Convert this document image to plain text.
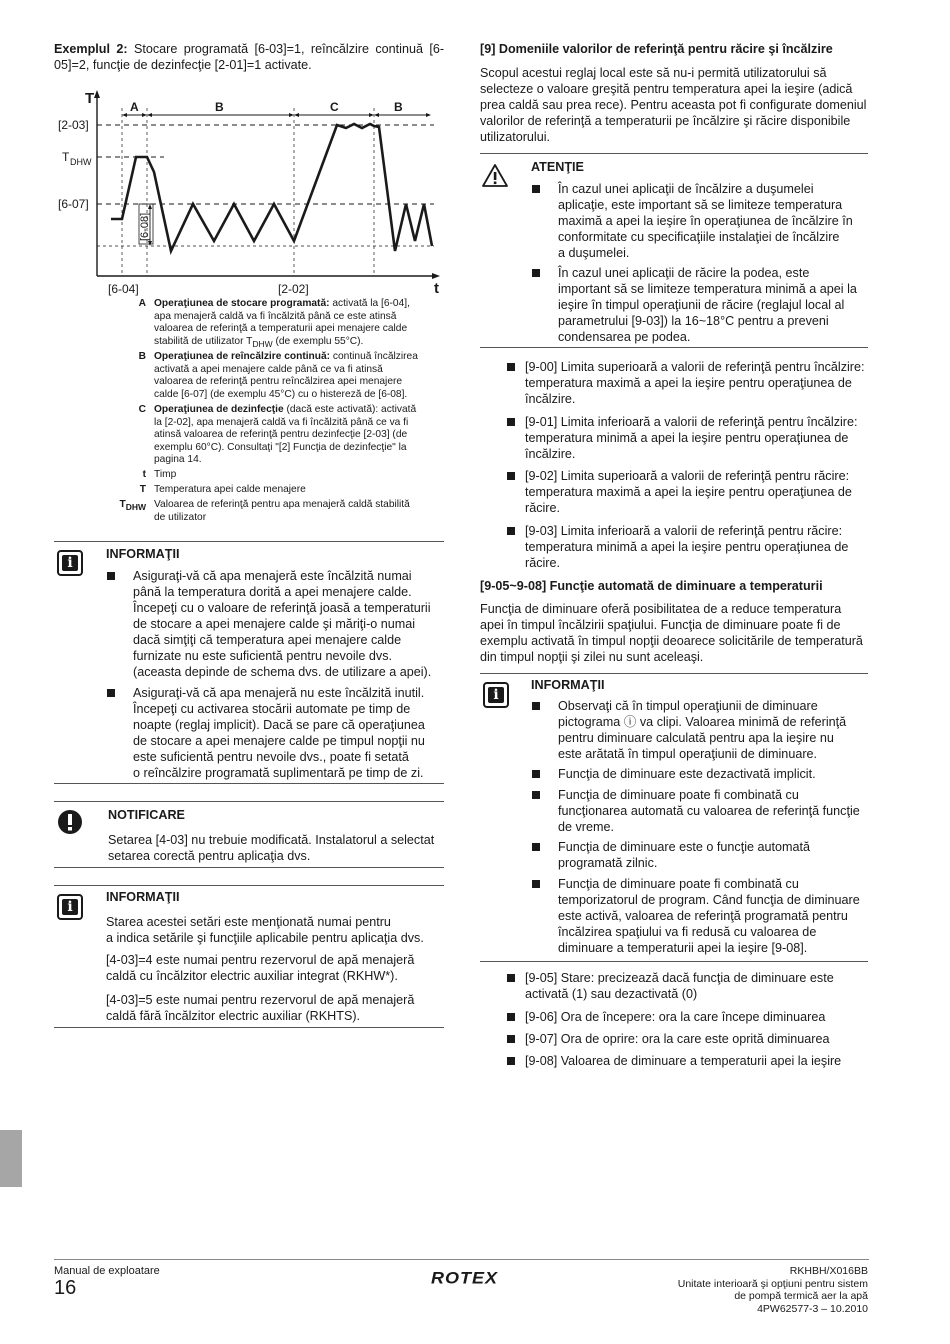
Exemplul 2: Stocare programată [6-03]=1, reîncălzire continuă [6-05]=2, funcţie de dezinfecţie [2-01]=1 activate.
T
t
A	B	C	B
[2-03]
T DHW
[6-07]
[6-04]	[2-02]
[6-08]
A Operaţiunea de stocare programată: activată la [6-04],
apa menajeră caldă va fi încălzită până ce este atinsă
valoarea de referinţă a temperaturii apei menajere calde
stabilită de utilizator $T_{DHW}$ (de exemplu 55°C).
B Operaţiunea de reîncălzire continuă: continuă încălzirea
activată a apei menajere calde până ce va fi atinsă
valoarea de referinţă pentru reîncălzirea apei menajere
calde [6-07] (de exemplu 45°C) cu o histereză de [6-08].
C Operaţiunea de dezinfecţie (dacă este activată): activată
la [2-02], apa menajeră caldă va fi încălzită până ce va fi
atinsă valoarea de referinţă pentru dezinfecţie [2-03] (de
exemplu 60°C). Consultaţi "[2] Funcţia de dezinfecţie" la
pagina 14.
t Timp
T Temperatura apei calde menajere
$T_{DHW}$ Valoarea de referinţă pentru apa menajeră caldă stabilită
de utilizator
i
INFORMAŢII
Asiguraţi-vă că apa menajeră este încălzită numai
până la temperatura dorită a apei menajere calde.
Începeţi cu o valoare de referinţă joasă a temperaturii
de stocare a apei menajere calde şi măriţi-o numai
dacă simţiţi că temperatura apei menajere calde
furnizate nu este suficientă pentru nevoile dvs.
(aceasta depinde de schema dvs. de utilizare a apei).
Asiguraţi-vă că apa menajeră nu este încălzită inutil.
Începeţi cu activarea stocării automate pe timp de
noapte (reglaj implicit). Dacă se pare că operaţiunea
de stocare a apei menajere calde pe timpul nopţii nu
este suficientă pentru nevoile dvs., poate fi setată
o reîncălzire programată suplimentară pe timp de zi.
NOTIFICARE
Setarea [4-03] nu trebuie modificată. Instalatorul a selectat
setarea corectă pentru aplicaţia dvs.
i
INFORMAŢII
Starea acestei setări este menţionată numai pentru
a indica setările şi funcţiile aplicabile pentru aplicaţia dvs.
[4-03]=4 este numai pentru rezervorul de apă menajeră
caldă cu încălzitor electric auxiliar integrat (RKHW*).
[4-03]=5 este numai pentru rezervorul de apă menajeră
caldă fără încălzitor electric auxiliar (RKHTS).
[9] Domeniile valorilor de referinţă pentru răcire şi încălzire
Scopul acestui reglaj local este să nu-i permită utilizatorului să
selecteze o valoare greşită pentru temperatura apei la ieşire (adică
prea caldă sau prea rece). Pentru aceasta pot fi configurate domeniul
valorilor de referinţă a temperaturii pe încălzire şi răcire disponibile
utilizatorului.
ATENŢIE
În cazul unei aplicaţii de încălzire a duşumelei
aplicaţie, este important să se limiteze temperatura
maximă a apei la ieşire în operaţiunea de încălzire în
conformitate cu specificaţiile instalaţiei de încălzire
a duşumelei.
În cazul unei aplicaţii de răcire la podea, este
important să se limiteze temperatura minimă a apei la
ieşire în timpul operaţiunii de răcire (reglajul local al
parametrului [9-03]) la 16~18°C pentru a preveni
condensarea pe podea.
[9-00] Limita superioară a valorii de referinţă pentru încălzire:
temperatura maximă a apei la ieşire pentru operaţiunea de
încălzire.
[9-01] Limita inferioară a valorii de referinţă pentru încălzire:
temperatura minimă a apei la ieşire pentru operaţiunea de
încălzire.
[9-02] Limita superioară a valorii de referinţă pentru răcire:
temperatura maximă a apei la ieşire pentru operaţiunea de
răcire.
[9-03] Limita inferioară a valorii de referinţă pentru răcire:
temperatura minimă a apei la ieşire pentru operaţiunea de
răcire.
[9-05~9-08] Funcţie automată de diminuare a temperaturii
Funcţia de diminuare oferă posibilitatea de a reduce temperatura
apei în timpul încălzirii spaţiului. Funcţia de diminuare poate fi de
exemplu activată în timpul nopţii deoarece solicitările de temperatură
din timpul nopţii şi zilei nu sunt aceleaşi.
i
INFORMAŢII
Observaţi că în timpul operaţiunii de diminuare
pictograma ⓘ va clipi. Valoarea minimă de referinţă
pentru diminuare calculată pentru apa la ieşire nu
este arătată în timpul operaţiunii de diminuare.
Funcţia de diminuare este dezactivată implicit.
Funcţia de diminuare poate fi combinată cu
funcţionarea automată cu valoarea de referinţă funcţie
de vreme.
Funcţia de diminuare este o funcţie automată
programată zilnic.
Funcţia de diminuare poate fi combinată cu
temporizatorul de program. Când funcţia de diminuare
este activă, valoarea de referinţă programată pentru
încălzirea spaţiului va fi redusă cu valoarea de
diminuare a temperaturii apei la ieşire [9-08].
[9-05] Stare: precizează dacă funcţia de diminuare este
activată (1) sau dezactivată (0)
[9-06] Ora de începere: ora la care începe diminuarea
[9-07] Ora de oprire: ora la care este oprită diminuarea
[9-08] Valoarea de diminuare a temperaturii apei la ieşire
Manual de exploatare
16	ROTEX	RKHBH/X016BB
Unitate interioară şi opţiuni pentru sistem
de pompă termică aer la apă
4PW62577-3 – 10.2010
